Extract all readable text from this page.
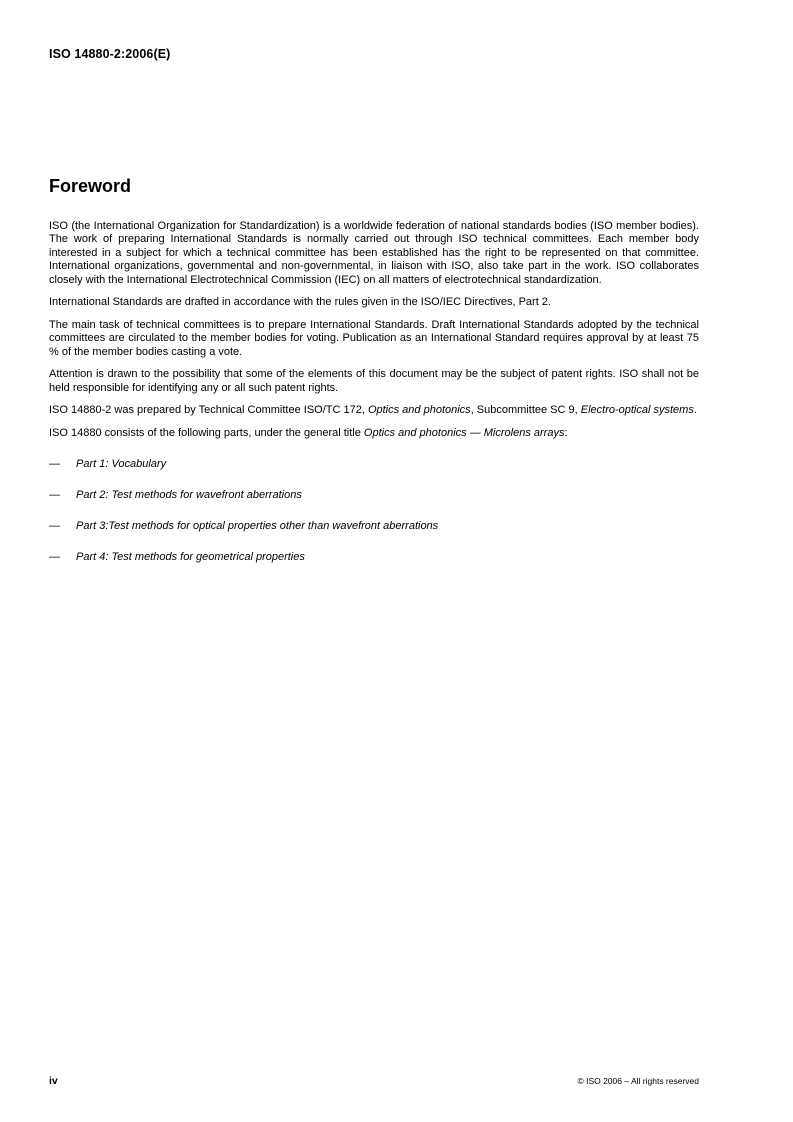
ISO 14880-2:2006(E)
Foreword

ISO (the International Organization for Standardization) is a worldwide federation of national standards bodies (ISO member bodies). The work of preparing International Standards is normally carried out through ISO technical committees. Each member body interested in a subject for which a technical committee has been established has the right to be represented on that committee. International organizations, governmental and non-governmental, in liaison with ISO, also take part in the work. ISO collaborates closely with the International Electrotechnical Commission (IEC) on all matters of electrotechnical standardization.

International Standards are drafted in accordance with the rules given in the ISO/IEC Directives, Part 2.

The main task of technical committees is to prepare International Standards. Draft International Standards adopted by the technical committees are circulated to the member bodies for voting. Publication as an International Standard requires approval by at least 75 % of the member bodies casting a vote.

Attention is drawn to the possibility that some of the elements of this document may be the subject of patent rights. ISO shall not be held responsible for identifying any or all such patent rights.

ISO 14880-2 was prepared by Technical Committee ISO/TC 172, Optics and photonics, Subcommittee SC 9, Electro-optical systems.

ISO 14880 consists of the following parts, under the general title Optics and photonics — Microlens arrays:

—	Part 1: Vocabulary
—	Part 2: Test methods for wavefront aberrations
—	Part 3:Test methods for optical properties other than wavefront aberrations
—	Part 4: Test methods for geometrical properties
iv	© ISO 2006 – All rights reserved
